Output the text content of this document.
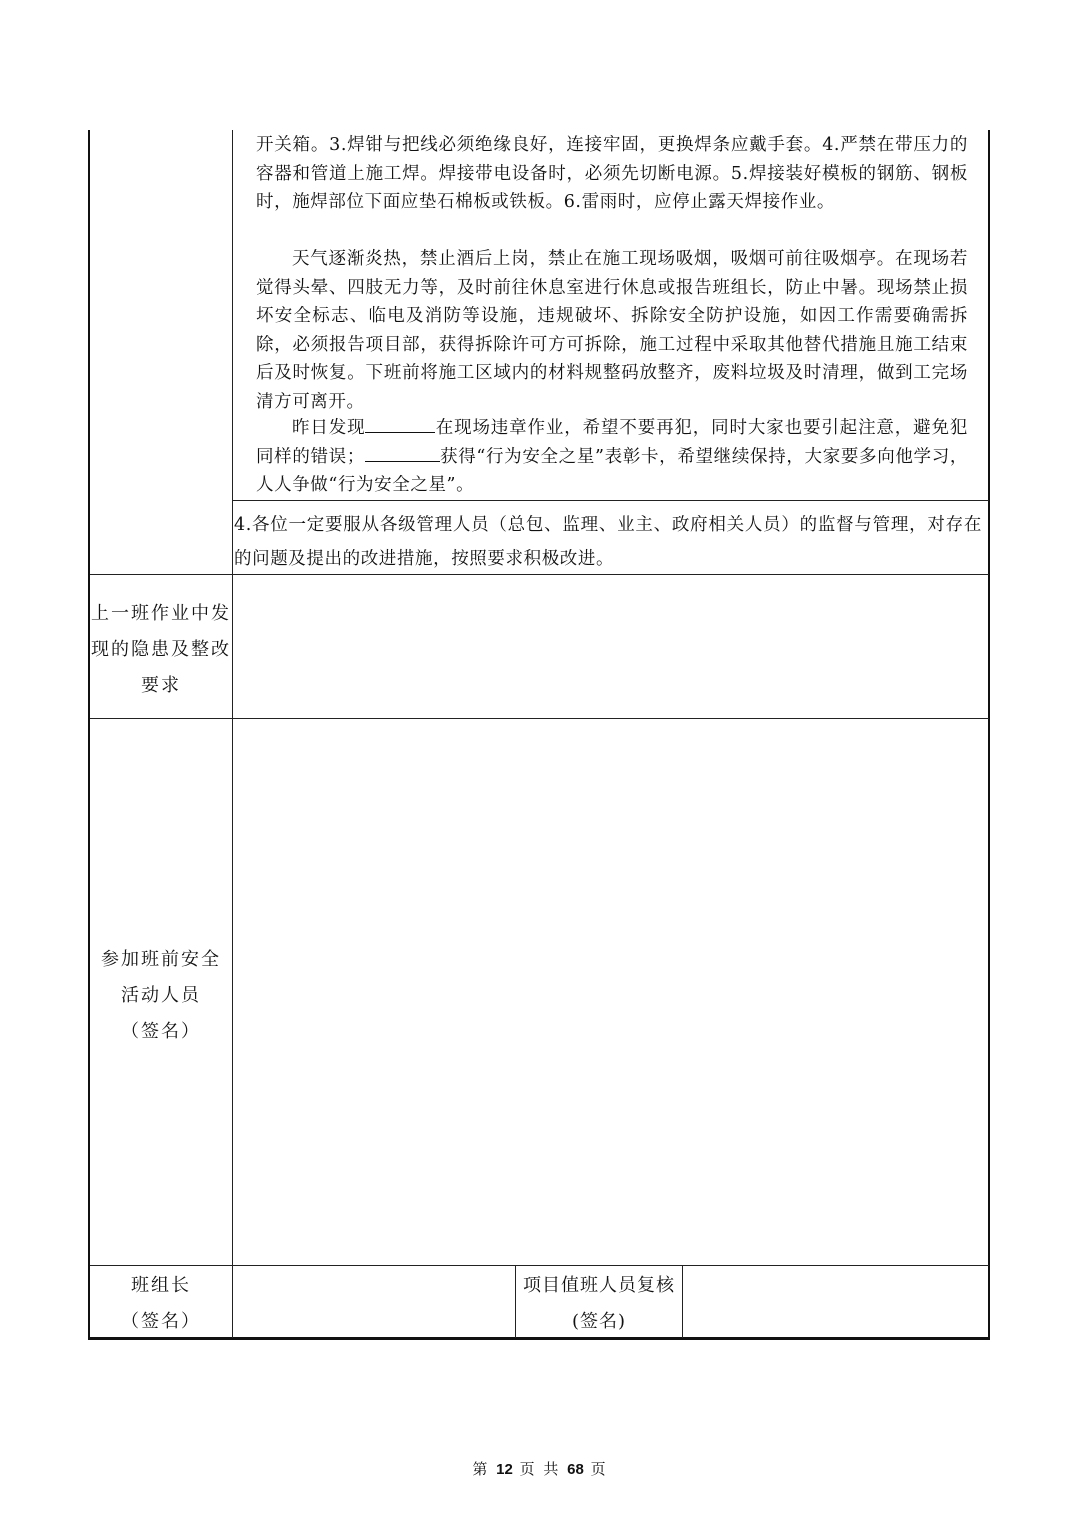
开关箱。3.焊钳与把线必须绝缘良好，连接牢固，更换焊条应戴手套。4.严禁在带压力的容器和管道上施工焊。焊接带电设备时，必须先切断电源。5.焊接装好模板的钢筋、钢板时，施焊部位下面应垫石棉板或铁板。6.雷雨时，应停止露天焊接作业。

天气逐渐炎热，禁止酒后上岗，禁止在施工现场吸烟，吸烟可前往吸烟亭。在现场若觉得头晕、四肢无力等，及时前往休息室进行休息或报告班组长，防止中暑。现场禁止损坏安全标志、临电及消防等设施，违规破坏、拆除安全防护设施，如因工作需要确需拆除，必须报告项目部，获得拆除许可方可拆除，施工过程中采取其他替代措施且施工结束后及时恢复。下班前将施工区域内的材料规整码放整齐，废料垃圾及时清理，做到工完场清方可离开。

昨日发现	在现场违章作业，希望不要再犯，同时大家也要引起注意，避免犯同样的错误；	获得“行为安全之星”表彰卡，希望继续保持，大家要多向他学习，人人争做“行为安全之星”。

4.各位一定要服从各级管理人员（总包、监理、业主、政府相关人员）的监督与管理，对存在的问题及提出的改进措施，按照要求积极改进。

上一班作业中发
现的隐患及整改
要求
参加班前安全
活动人员
（签名）
班组长
（签名）
项目值班人员复核
(签名)
第 12 页 共 68 页
